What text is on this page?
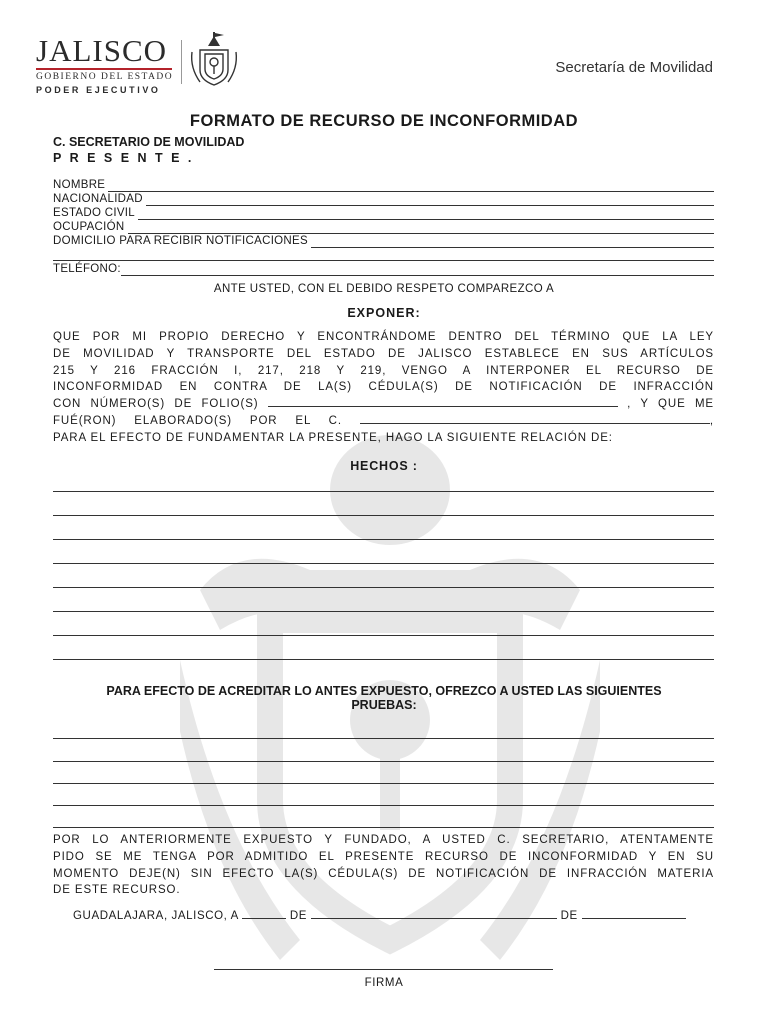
JALISCO
GOBIERNO DEL ESTADO
PODER EJECUTIVO
Secretaría de Movilidad
FORMATO DE RECURSO DE INCONFORMIDAD
C. SECRETARIO DE MOVILIDAD
P R E S E N T E .
NOMBRE
NACIONALIDAD
ESTADO CIVIL
OCUPACIÓN
DOMICILIO PARA RECIBIR NOTIFICACIONES
TELÉFONO:
ANTE USTED, CON EL DEBIDO RESPETO COMPAREZCO A
EXPONER:
QUE POR MI PROPIO DERECHO Y ENCONTRÁNDOME DENTRO DEL TÉRMINO QUE LA LEY
DE MOVILIDAD Y TRANSPORTE DEL ESTADO DE JALISCO ESTABLECE EN SUS ARTÍCULOS
215 Y 216 FRACCIÓN I, 217, 218 Y 219, VENGO A INTERPONER EL RECURSO DE
INCONFORMIDAD EN CONTRA DE LA(S) CÉDULA(S) DE NOTIFICACIÓN DE INFRACCIÓN
CON NÚMERO(S) DE FOLIO(S)	, Y QUE ME
FUÉ(RON) ELABORADO(S) POR EL C.	,
PARA EL EFECTO DE FUNDAMENTAR LA PRESENTE, HAGO LA SIGUIENTE RELACIÓN DE:
HECHOS :
PARA EFECTO DE ACREDITAR LO ANTES EXPUESTO, OFREZCO A USTED LAS SIGUIENTES
PRUEBAS:
POR LO ANTERIORMENTE EXPUESTO Y FUNDADO, A USTED C. SECRETARIO, ATENTAMENTE
PIDO SE ME TENGA POR ADMITIDO EL PRESENTE RECURSO DE INCONFORMIDAD Y EN SU
MOMENTO DEJE(N) SIN EFECTO LA(S) CÉDULA(S) DE NOTIFICACIÓN DE INFRACCIÓN MATERIA
DE ESTE RECURSO.
GUADALAJARA, JALISCO, A	DE	DE
FIRMA
